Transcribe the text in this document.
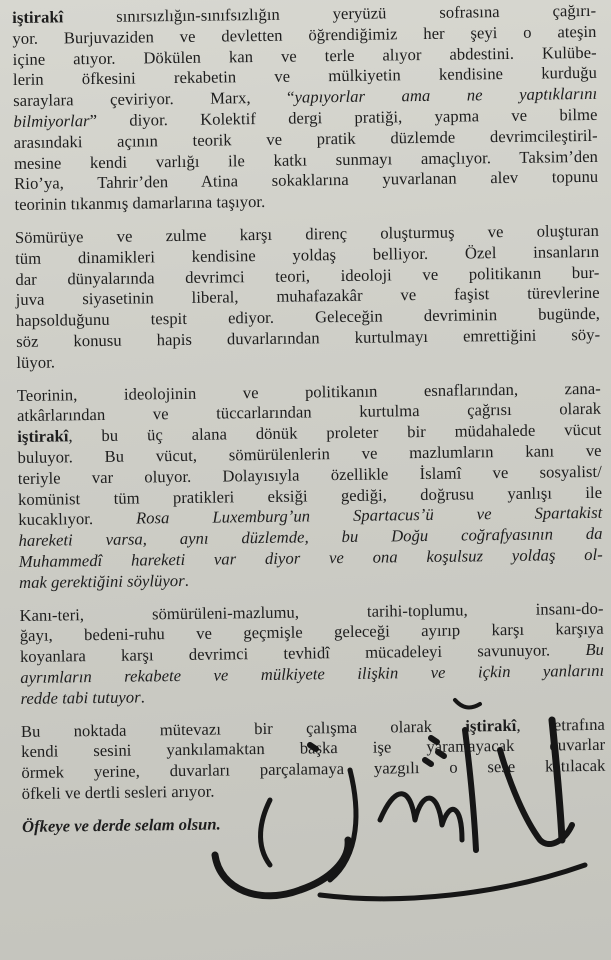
iştirakî sınırsızlığın-sınıfsızlığın yeryüzü sofrasına çağırı-
yor. Burjuvaziden ve devletten öğrendiğimiz her şeyi o ateşin
içine atıyor. Dökülen kan ve terle alıyor abdestini. Kulübe-
lerin öfkesini rekabetin ve mülkiyetin kendisine kurduğu
saraylara çeviriyor. Marx, “yapıyorlar ama ne yaptıklarını
bilmiyorlar” diyor. Kolektif dergi pratiği, yapma ve bilme
arasındaki açının teorik ve pratik düzlemde devrimcileştiril-
mesine kendi varlığı ile katkı sunmayı amaçlıyor. Taksim’den
Rio’ya, Tahrir’den Atina sokaklarına yuvarlanan alev topunu
teorinin tıkanmış damarlarına taşıyor.

Sömürüye ve zulme karşı direnç oluşturmuş ve oluşturan
tüm dinamikleri kendisine yoldaş belliyor. Özel insanların
dar dünyalarında devrimci teori, ideoloji ve politikanın bur-
juva siyasetinin liberal, muhafazakâr ve faşist türevlerine
hapsolduğunu tespit ediyor. Geleceğin devriminin bugünde,
söz konusu hapis duvarlarından kurtulmayı emrettiğini söy-
lüyor.

Teorinin, ideolojinin ve politikanın esnaflarından, zana-
atkârlarından ve tüccarlarından kurtulma çağrısı olarak
iştirakî, bu üç alana dönük proleter bir müdahalede vücut
buluyor. Bu vücut, sömürülenlerin ve mazlumların kanı ve
teriyle var oluyor. Dolayısıyla özellikle İslamî ve sosyalist/
komünist tüm pratikleri eksiği gediği, doğrusu yanlışı ile
kucaklıyor. Rosa Luxemburg’un Spartacus’ü ve Spartakist
hareketi varsa, aynı düzlemde, bu Doğu coğrafyasının da
Muhammedî hareketi var diyor ve ona koşulsuz yoldaş ol-
mak gerektiğini söylüyor.

Kanı-teri, sömürüleni-mazlumu, tarihi-toplumu, insanı-do-
ğayı, bedeni-ruhu ve geçmişle geleceği ayırıp karşı karşıya
koyanlara karşı devrimci tevhidî mücadeleyi savunuyor. Bu
ayrımların rekabete ve mülkiyete ilişkin ve içkin yanlarını
redde tabi tutuyor.

Bu noktada mütevazı bir çalışma olarak iştirakî, etrafına
kendi sesini yankılamaktan başka işe yaramayacak duvarlar
örmek yerine, duvarları parçalamaya yazgılı o sese katılacak
öfkeli ve dertli sesleri arıyor.

Öfkeye ve derde selam olsun.
